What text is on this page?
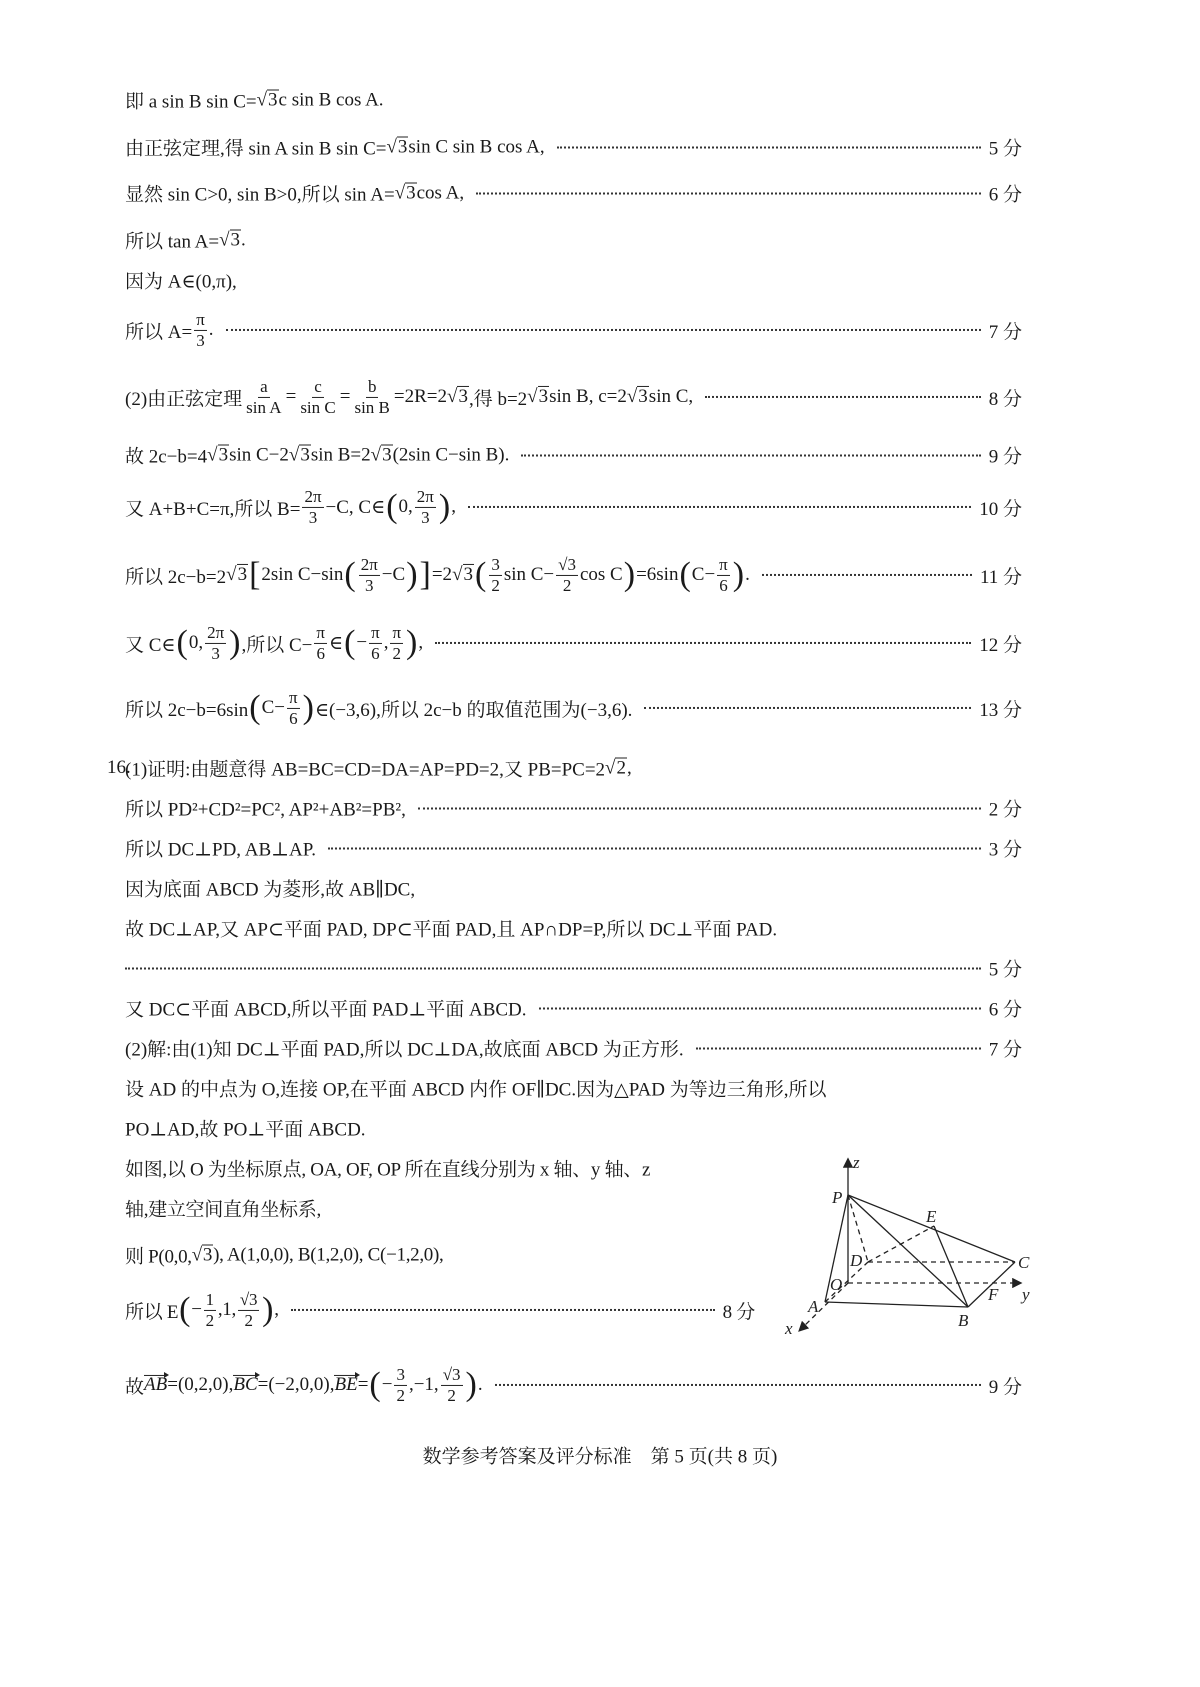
即 a sin B sin C= √ 3 c sin B cos A.
由正弦定理,得 sin A sin B sin C= √ 3 sin C sin B cos A,	5 分
显然 sin C>0, sin B>0,所以 sin A= √ 3 cos A,	6 分
所以 tan A= √ 3 .
因为 A∈(0,π),
所以 $A= \frac{\pi}{3}$ .	7 分
(2)由正弦定理 $\frac{a}{\text{sin A}} = \frac{c}{\text{sin C}} = \frac{b}{\text{sin B}} =2R=2$ √ 3 ,得 b=2 √ 3 sin B, c=2 √ 3 sin C,	8 分
故 2c−b=4 √ 3 sin C−2 √ 3 sin B=2 √ 3 (2sin C−sin B).	9 分
又 A+B+C=π,所以 $B= \frac{2\pi}{3} -C$, C∈ ( 0, $\frac{2\pi}{3}$ ) ,	10 分
所以 2c−b=2 √ 3 [ 2sin C−sin ( $\frac{2\pi}{3} -C$ ) ] =2 √ 3 ( $\frac{3}{2}$ $\sin C- \frac{√3}{2}$ cos C ) =6sin ( $C- \frac{\pi}{6}$ ) .	11 分
又 C∈ ( 0, $\frac{2\pi}{3}$ ) ,所以 $C- \frac{\pi}{6}$ ∈ ( − $\frac{\pi}{6}$ , $\frac{\pi}{2}$ ) ,	12 分
所以 2c−b=6sin ( $C- \frac{\pi}{6}$ ) ∈(−3,6),所以 2c−b 的取值范围为(−3,6).	13 分
(1)证明:由题意得 AB=BC=CD=DA=AP=PD=2,又 PB=PC=2 √ 2 ,
所以 PD²+CD²=PC², AP²+AB²=PB²,	2 分
所以 DC⊥PD, AB⊥AP.	3 分
因为底面 ABCD 为菱形,故 AB∥DC,
故 DC⊥AP,又 AP⊂平面 PAD, DP⊂平面 PAD,且 AP∩DP=P,所以 DC⊥平面 PAD.
5 分
又 DC⊂平面 ABCD,所以平面 PAD⊥平面 ABCD.	6 分
(2)解:由(1)知 DC⊥平面 PAD,所以 DC⊥DA,故底面 ABCD 为正方形.	7 分
设 AD 的中点为 O,连接 OP,在平面 ABCD 内作 OF∥DC.因为△PAD 为等边三角形,所以
PO⊥AD,故 PO⊥平面 ABCD.
如图,以 O 为坐标原点, OA, OF, OP 所在直线分别为 x 轴、y 轴、z
轴,建立空间直角坐标系,
则 P(0,0, √ 3 ), A(1,0,0), B(1,2,0), C(−1,2,0),
所以 E ( − $\frac{1}{2} ,1$, $\frac{√3}{2}$ ) ,	8 分
故 AB =(0,2,0), BC =(−2,0,0), BE = ( − $\frac{3}{2} ,-1$, $\frac{√3}{2}$ ) .	9 分
16.
z
P
E
D	C
O
A
F y
B
x
数学参考答案及评分标准　第 5 页(共 8 页)
